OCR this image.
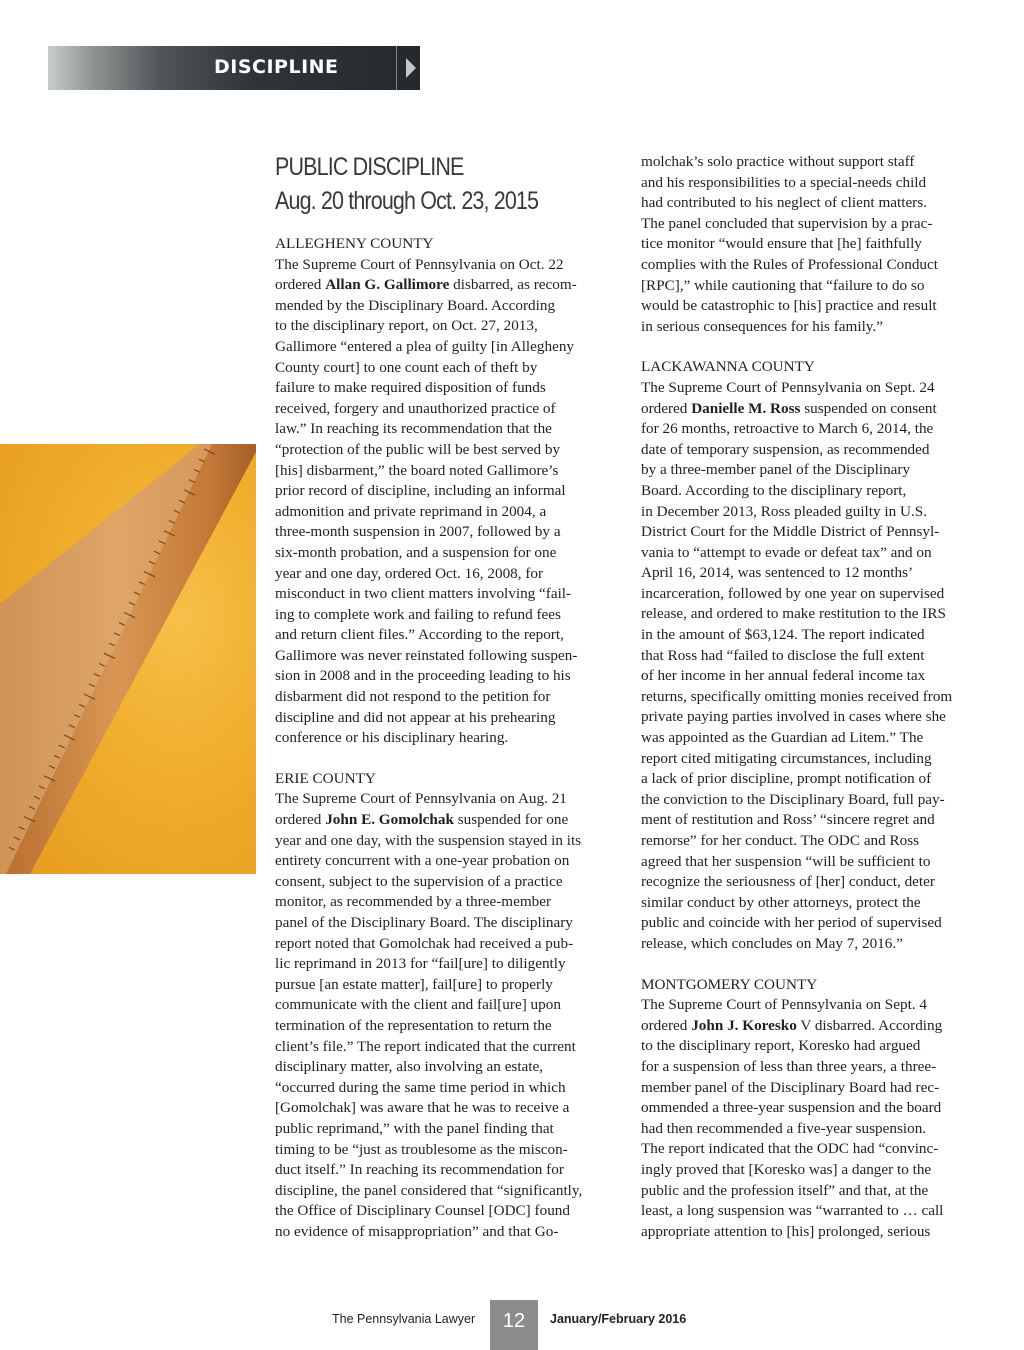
DISCIPLINE
PUBLIC DISCIPLINE
Aug. 20 through Oct. 23, 2015
ALLEGHENY COUNTY
The Supreme Court of Pennsylvania on Oct. 22
ordered Allan G. Gallimore disbarred, as recom-
mended by the Disciplinary Board. According
to the disciplinary report, on Oct. 27, 2013,
Gallimore “entered a plea of guilty [in Allegheny
County court] to one count each of theft by
failure to make required disposition of funds
received, forgery and unauthorized practice of
law.” In reaching its recommendation that the
“protection of the public will be best served by
[his] disbarment,” the board noted Gallimore’s
prior record of discipline, including an informal
admonition and private reprimand in 2004, a
three-month suspension in 2007, followed by a
six-month probation, and a suspension for one
year and one day, ordered Oct. 16, 2008, for
misconduct in two client matters involving “fail-
ing to complete work and failing to refund fees
and return client files.” According to the report,
Gallimore was never reinstated following suspen-
sion in 2008 and in the proceeding leading to his
disbarment did not respond to the petition for
discipline and did not appear at his prehearing
conference or his disciplinary hearing.
ERIE COUNTY
The Supreme Court of Pennsylvania on Aug. 21
ordered John E. Gomolchak suspended for one
year and one day, with the suspension stayed in its
entirety concurrent with a one-year probation on
consent, subject to the supervision of a practice
monitor, as recommended by a three-member
panel of the Disciplinary Board. The disciplinary
report noted that Gomolchak had received a pub-
lic reprimand in 2013 for “fail[ure] to diligently
pursue [an estate matter], fail[ure] to properly
communicate with the client and fail[ure] upon
termination of the representation to return the
client’s file.” The report indicated that the current
disciplinary matter, also involving an estate,
“occurred during the same time period in which
[Gomolchak] was aware that he was to receive a
public reprimand,” with the panel finding that
timing to be “just as troublesome as the miscon-
duct itself.” In reaching its recommendation for
discipline, the panel considered that “significantly,
the Office of Disciplinary Counsel [ODC] found
no evidence of misappropriation” and that Go-
molchak’s solo practice without support staff
and his responsibilities to a special-needs child
had contributed to his neglect of client matters.
The panel concluded that supervision by a prac-
tice monitor “would ensure that [he] faithfully
complies with the Rules of Professional Conduct
[RPC],” while cautioning that “failure to do so
would be catastrophic to [his] practice and result
in serious consequences for his family.”
LACKAWANNA COUNTY
The Supreme Court of Pennsylvania on Sept. 24
ordered Danielle M. Ross suspended on consent
for 26 months, retroactive to March 6, 2014, the
date of temporary suspension, as recommended
by a three-member panel of the Disciplinary
Board. According to the disciplinary report,
in December 2013, Ross pleaded guilty in U.S.
District Court for the Middle District of Pennsyl-
vania to “attempt to evade or defeat tax” and on
April 16, 2014, was sentenced to 12 months’
incarceration, followed by one year on supervised
release, and ordered to make restitution to the IRS
in the amount of $63,124. The report indicated
that Ross had “failed to disclose the full extent
of her income in her annual federal income tax
returns, specifically omitting monies received from
private paying parties involved in cases where she
was appointed as the Guardian ad Litem.” The
report cited mitigating circumstances, including
a lack of prior discipline, prompt notification of
the conviction to the Disciplinary Board, full pay-
ment of restitution and Ross’ “sincere regret and
remorse” for her conduct. The ODC and Ross
agreed that her suspension “will be sufficient to
recognize the seriousness of [her] conduct, deter
similar conduct by other attorneys, protect the
public and coincide with her period of supervised
release, which concludes on May 7, 2016.”
MONTGOMERY COUNTY
The Supreme Court of Pennsylvania on Sept. 4
ordered John J. Koresko V disbarred. According
to the disciplinary report, Koresko had argued
for a suspension of less than three years, a three-
member panel of the Disciplinary Board had rec-
ommended a three-year suspension and the board
had then recommended a five-year suspension.
The report indicated that the ODC had “convinc-
ingly proved that [Koresko was] a danger to the
public and the profession itself” and that, at the
least, a long suspension was “warranted to … call
appropriate attention to [his] prolonged, serious
The Pennsylvania Lawyer	12	January/February 2016
